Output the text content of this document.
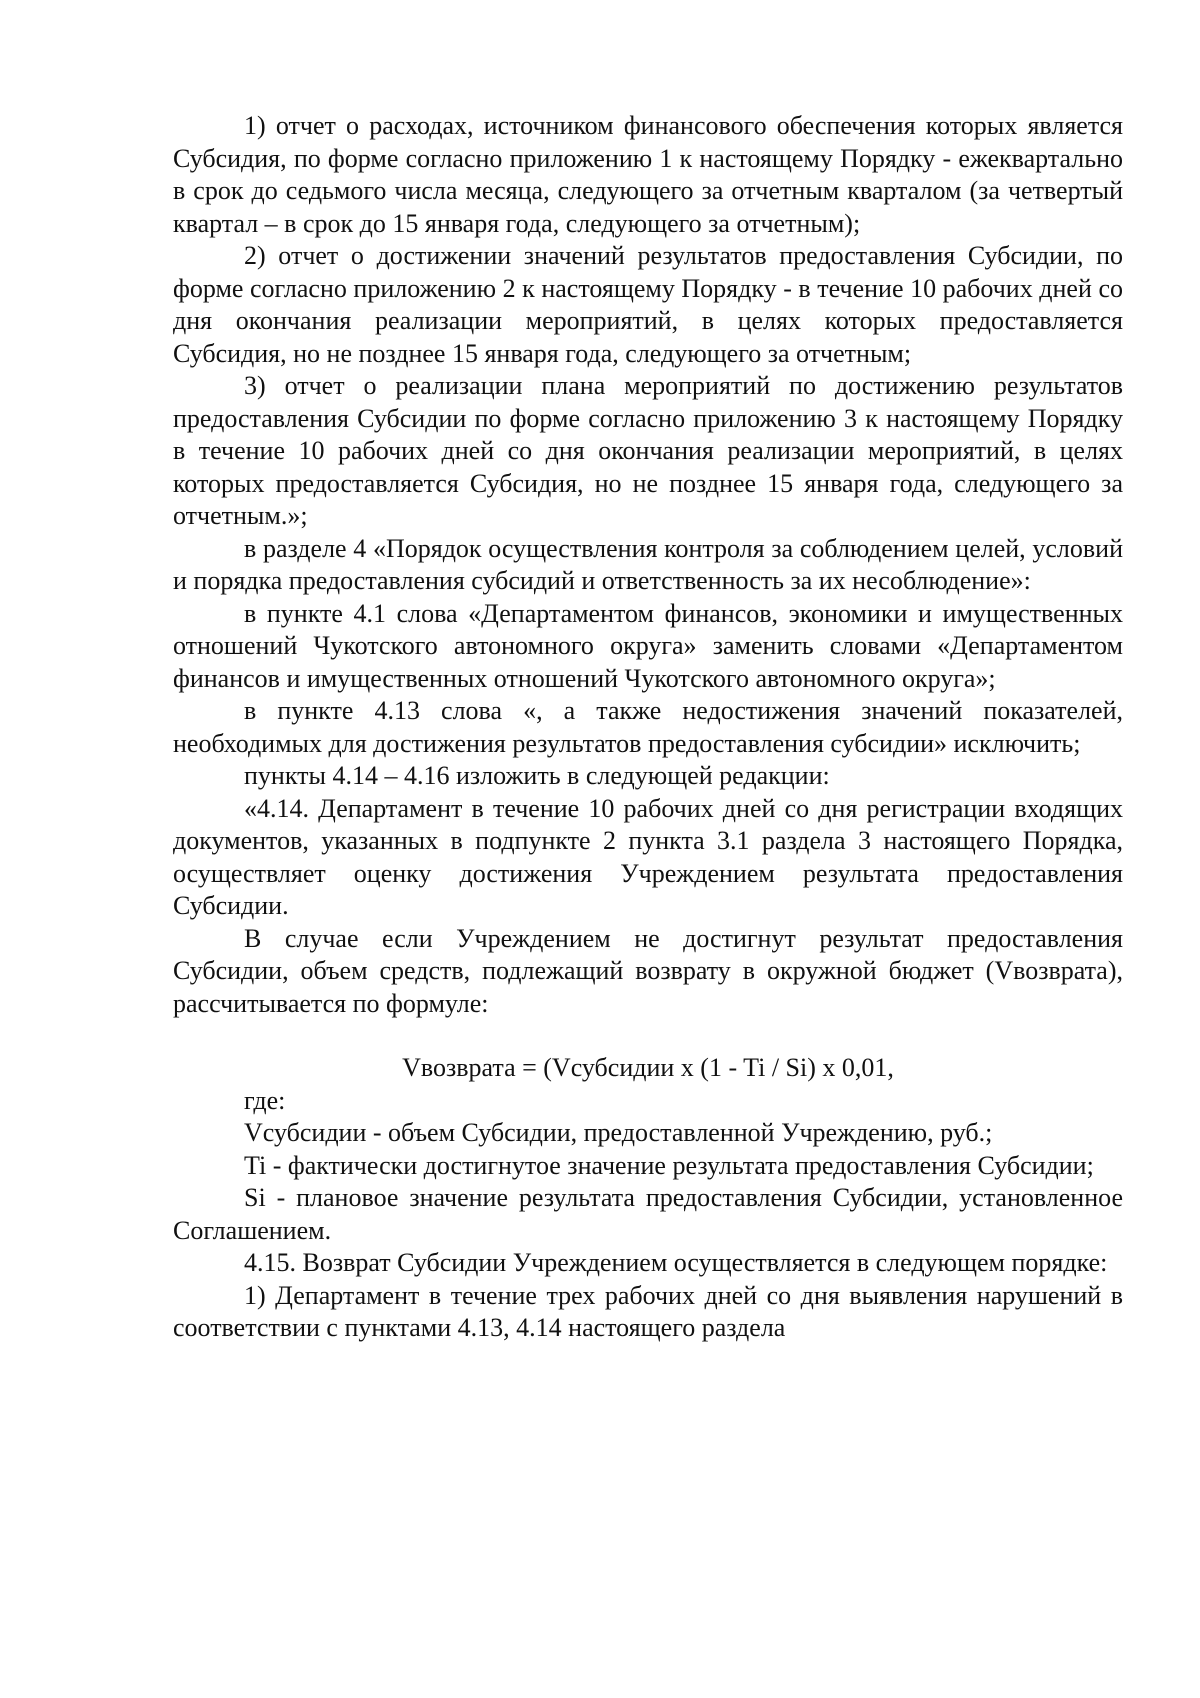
1) отчет о расходах, источником финансового обеспечения которых является Субсидия, по форме согласно приложению 1 к настоящему Порядку - ежеквартально в срок до седьмого числа месяца, следующего за отчетным кварталом (за четвертый квартал – в срок до 15 января года, следующего за отчетным);

2) отчет о достижении значений результатов предоставления Субсидии, по форме согласно приложению 2 к настоящему Порядку - в течение 10 рабочих дней со дня окончания реализации мероприятий, в целях которых предоставляется Субсидия, но не позднее 15 января года, следующего за отчетным;

3) отчет о реализации плана мероприятий по достижению результатов предоставления Субсидии по форме согласно приложению 3 к настоящему Порядку в течение 10 рабочих дней со дня окончания реализации мероприятий, в целях которых предоставляется Субсидия, но не позднее 15 января года, следующего за отчетным.»;

в разделе 4 «Порядок осуществления контроля за соблюдением целей, условий и порядка предоставления субсидий и ответственность за их несоблюдение»:

в пункте 4.1 слова «Департаментом финансов, экономики и имущественных отношений Чукотского автономного округа» заменить словами «Департаментом финансов и имущественных отношений Чукотского автономного округа»;

в пункте 4.13 слова «, а также недостижения значений показателей, необходимых для достижения результатов предоставления субсидии» исключить;

пункты 4.14 – 4.16 изложить в следующей редакции:

«4.14. Департамент в течение 10 рабочих дней со дня регистрации входящих документов, указанных в подпункте 2 пункта 3.1 раздела 3 настоящего Порядка, осуществляет оценку достижения Учреждением результата предоставления Субсидии.

В случае если Учреждением не достигнут результат предоставления Субсидии, объем средств, подлежащий возврату в окружной бюджет (Vвозврата), рассчитывается по формуле:

Vвозврата = (Vсубсидии x (1 - Ti / Si) x 0,01,

где:

Vсубсидии - объем Субсидии, предоставленной Учреждению, руб.;

Ti - фактически достигнутое значение результата предоставления Субсидии;

Si - плановое значение результата предоставления Субсидии, установленное Соглашением.

4.15. Возврат Субсидии Учреждением осуществляется в следующем порядке:

1) Департамент в течение трех рабочих дней со дня выявления нарушений в соответствии с пунктами 4.13, 4.14 настоящего раздела
